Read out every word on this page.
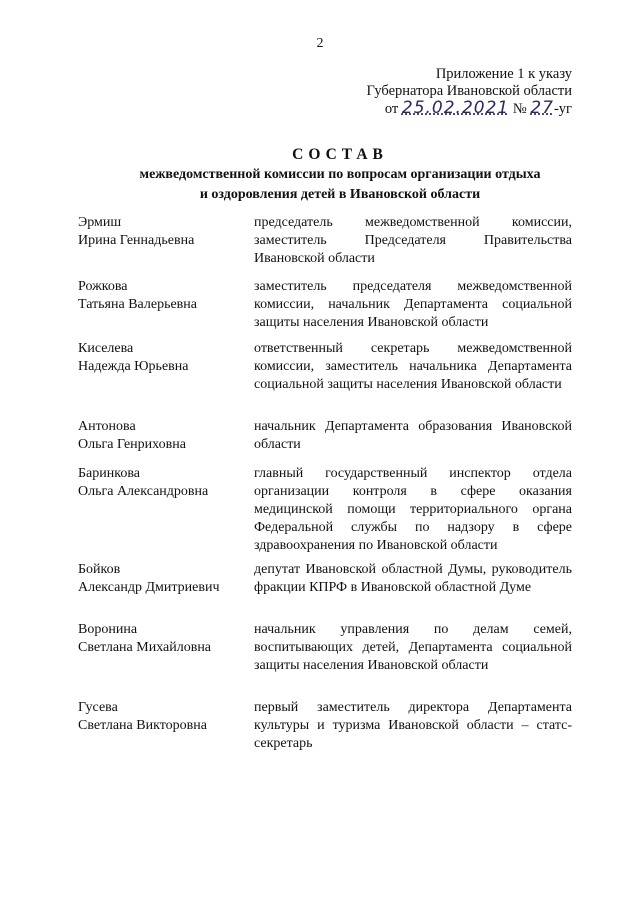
2
Приложение 1 к указу
Губернатора Ивановской области
от 25.02.2021 № 27-уг
СОСТАВ
межведомственной комиссии по вопросам организации отдыха
и оздоровления детей в Ивановской области
Эрмиш
Ирина Геннадьевна
председатель межведомственной комиссии, заместитель Председателя Правительства Ивановской области
Рожкова
Татьяна Валерьевна
заместитель председателя межведомственной комиссии, начальник Департамента социальной защиты населения Ивановской области
Киселева
Надежда Юрьевна
ответственный секретарь межведомственной комиссии, заместитель начальника Департамента социальной защиты населения Ивановской области
Антонова
Ольга Генриховна
начальник Департамента образования Ивановской области
Баринкова
Ольга Александровна
главный государственный инспектор отдела организации контроля в сфере оказания медицинской помощи территориального органа Федеральной службы по надзору в сфере здравоохранения по Ивановской области
Бойков
Александр Дмитриевич
депутат Ивановской областной Думы, руководитель фракции КПРФ в Ивановской областной Думе
Воронина
Светлана Михайловна
начальник управления по делам семей, воспитывающих детей, Департамента социальной защиты населения Ивановской области
Гусева
Светлана Викторовна
первый заместитель директора Департамента культуры и туризма Ивановской области – статс-секретарь
